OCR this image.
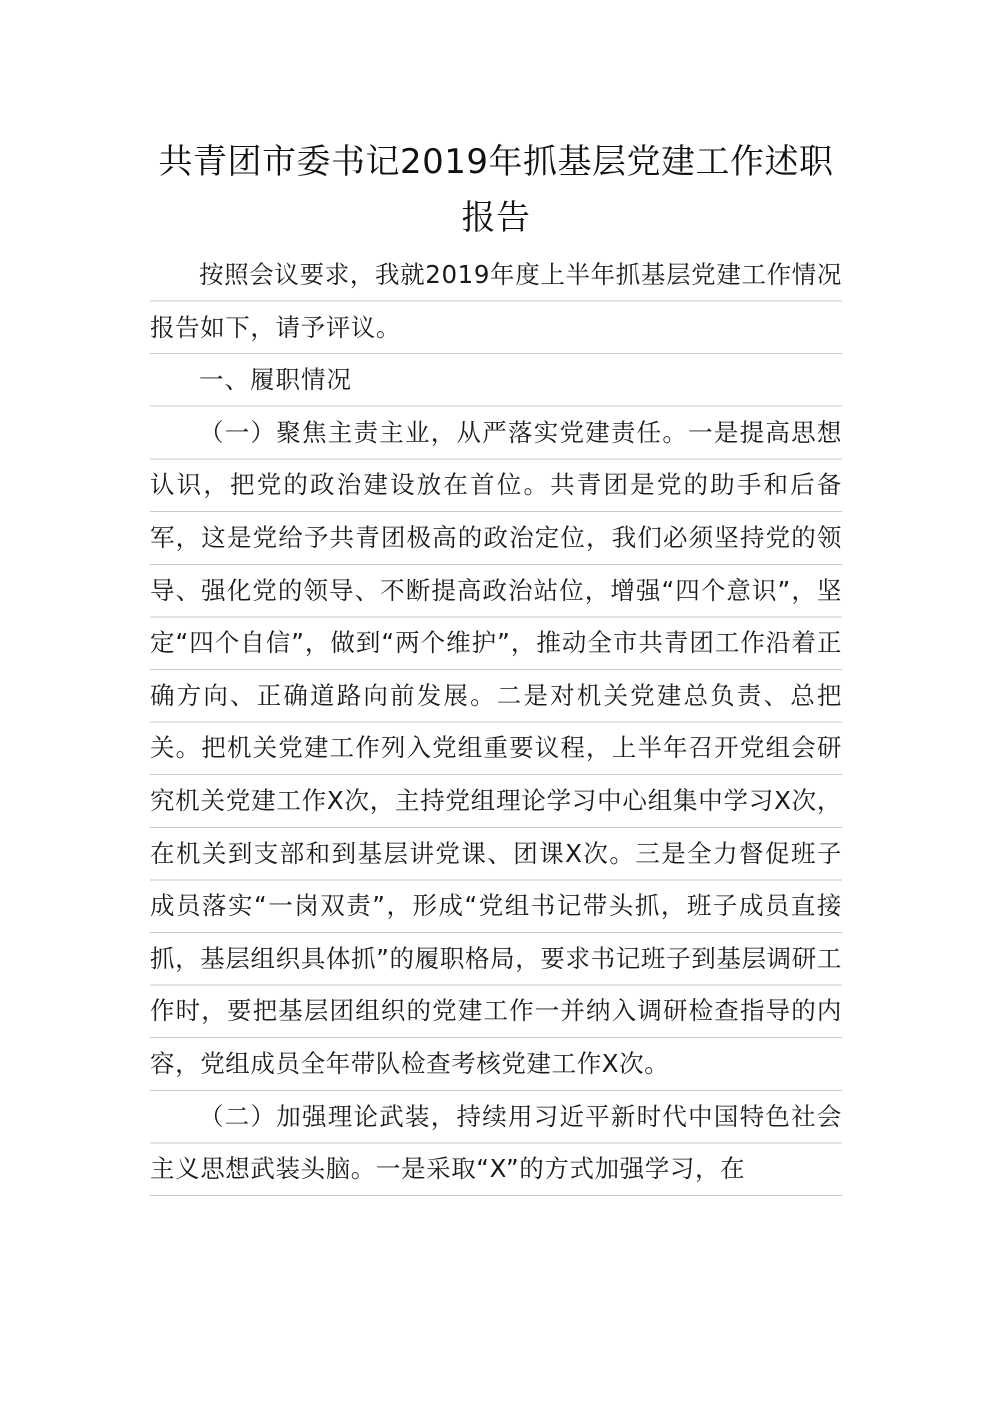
共青团市委书记2019年抓基层党建工作述职报告

按照会议要求，我就2019年度上半年抓基层党建工作情况报告如下，请予评议。

一、履职情况

（一）聚焦主责主业，从严落实党建责任。一是提高思想认识，把党的政治建设放在首位。共青团是党的助手和后备军，这是党给予共青团极高的政治定位，我们必须坚持党的领导、强化党的领导、不断提高政治站位，增强“四个意识”，坚定“四个自信”，做到“两个维护”，推动全市共青团工作沿着正确方向、正确道路向前发展。二是对机关党建总负责、总把关。把机关党建工作列入党组重要议程，上半年召开党组会研究机关党建工作X次，主持党组理论学习中心组集中学习X次，在机关到支部和到基层讲党课、团课X次。三是全力督促班子成员落实“一岗双责”，形成“党组书记带头抓，班子成员直接抓，基层组织具体抓”的履职格局，要求书记班子到基层调研工作时，要把基层团组织的党建工作一并纳入调研检查指导的内容，党组成员全年带队检查考核党建工作X次。

（二）加强理论武装，持续用习近平新时代中国特色社会主义思想武装头脑。一是采取“X”的方式加强学习，在
